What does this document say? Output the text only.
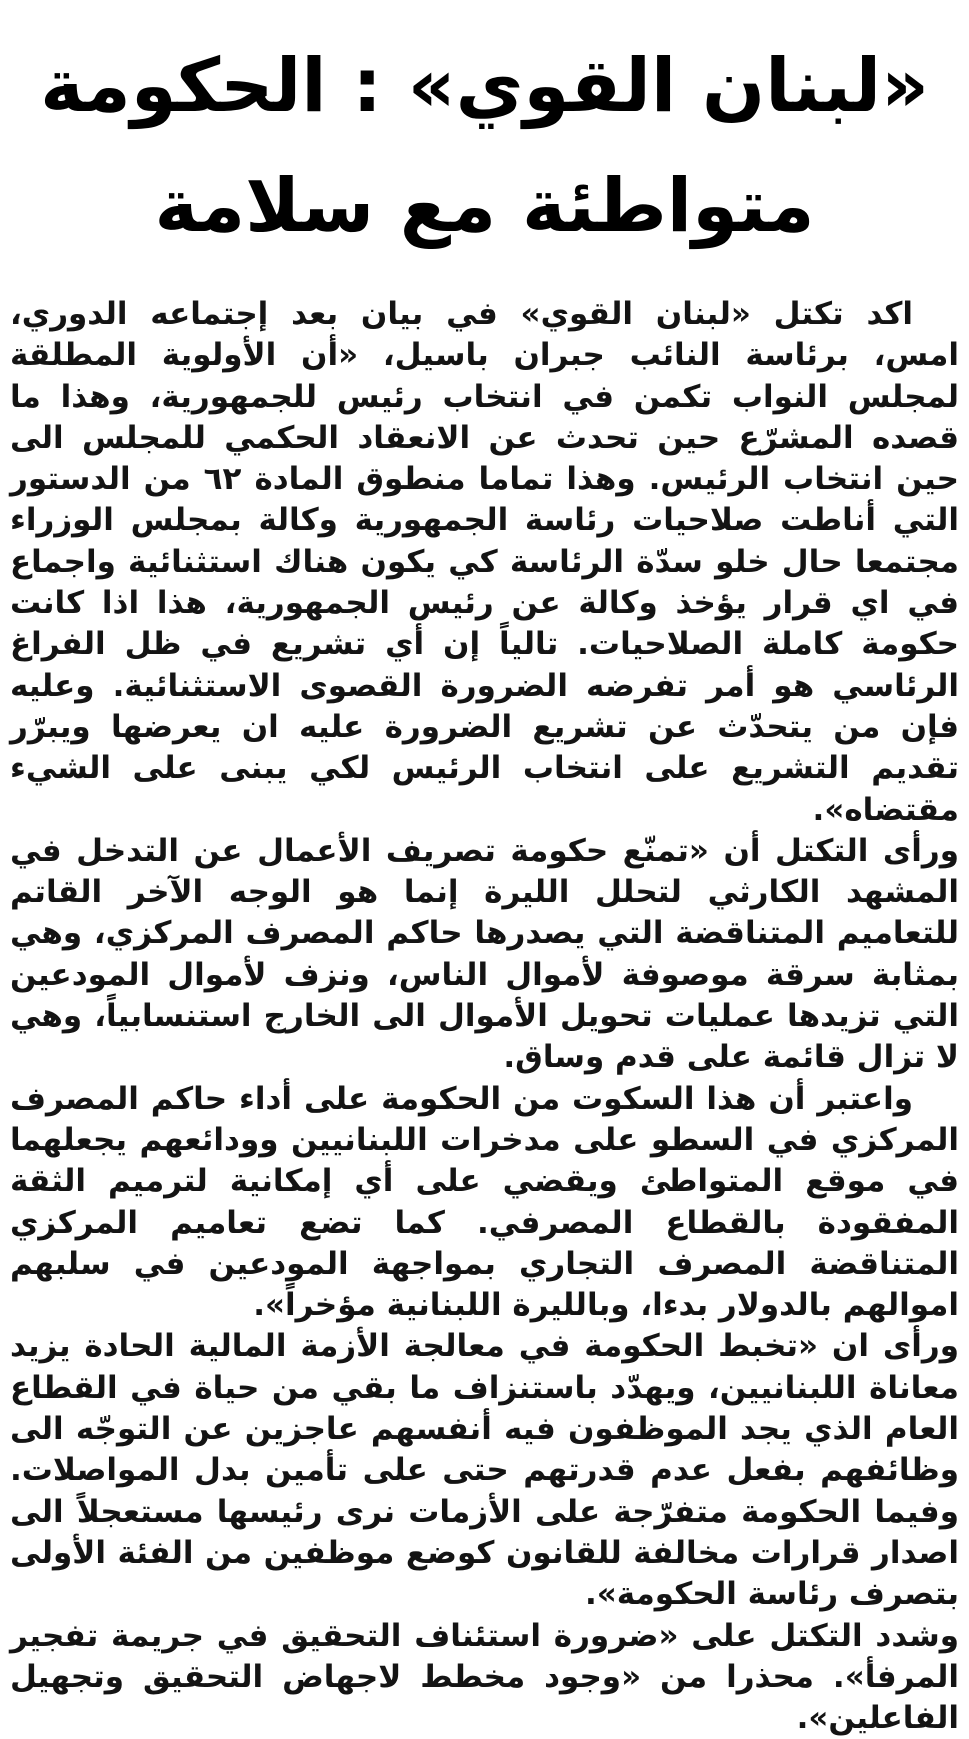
«لبنان القوي» : الحكومة
متواطئة مع سلامة

اكد تكتل «لبنان القوي» في بيان بعد إجتماعه الدوري، امس، برئاسة النائب جبران باسيل، «أن الأولوية المطلقة لمجلس النواب تكمن في انتخاب رئيس للجمهورية، وهذا ما قصده المشرّع حين تحدث عن الانعقاد الحكمي للمجلس الى حين انتخاب الرئيس. وهذا تماما منطوق المادة ٦٢ من الدستور التي أناطت صلاحيات رئاسة الجمهورية وكالة بمجلس الوزراء مجتمعا حال خلو سدّة الرئاسة كي يكون هناك استثنائية واجماع في اي قرار يؤخذ وكالة عن رئيس الجمهورية، هذا اذا كانت حكومة كاملة الصلاحيات. تالياً إن أي تشريع في ظل الفراغ الرئاسي هو أمر تفرضه الضرورة القصوى الاستثنائية. وعليه فإن من يتحدّث عن تشريع الضرورة عليه ان يعرضها ويبرّر تقديم التشريع على انتخاب الرئيس لكي يبنى على الشيء مقتضاه».

ورأى التكتل أن «تمنّع حكومة تصريف الأعمال عن التدخل في المشهد الكارثي لتحلل الليرة إنما هو الوجه الآخر القاتم للتعاميم المتناقضة التي يصدرها حاكم المصرف المركزي، وهي بمثابة سرقة موصوفة لأموال الناس، ونزف لأموال المودعين التي تزيدها عمليات تحويل الأموال الى الخارج استنسابياً، وهي لا تزال قائمة على قدم وساق.

واعتبر أن هذا السكوت من الحكومة على أداء حاكم المصرف المركزي في السطو على مدخرات اللبنانيين وودائعهم يجعلهما في موقع المتواطئ ويقضي على أي إمكانية لترميم الثقة المفقودة بالقطاع المصرفي. كما تضع تعاميم المركزي المتناقضة المصرف التجاري بمواجهة المودعين في سلبهم اموالهم بالدولار بدءا، وبالليرة اللبنانية مؤخراً».

ورأى ان «تخبط الحكومة في معالجة الأزمة المالية الحادة يزيد معاناة اللبنانيين، ويهدّد باستنزاف ما بقي من حياة في القطاع العام الذي يجد الموظفون فيه أنفسهم عاجزين عن التوجّه الى وظائفهم بفعل عدم قدرتهم حتى على تأمين بدل المواصلات. وفيما الحكومة متفرّجة على الأزمات نرى رئيسها مستعجلاً الى اصدار قرارات مخالفة للقانون كوضع موظفين من الفئة الأولى بتصرف رئاسة الحكومة».

وشدد التكتل على «ضرورة استئناف التحقيق في جريمة تفجير المرفأ». محذرا من «وجود مخطط لاجهاض التحقيق وتجهيل الفاعلين».
